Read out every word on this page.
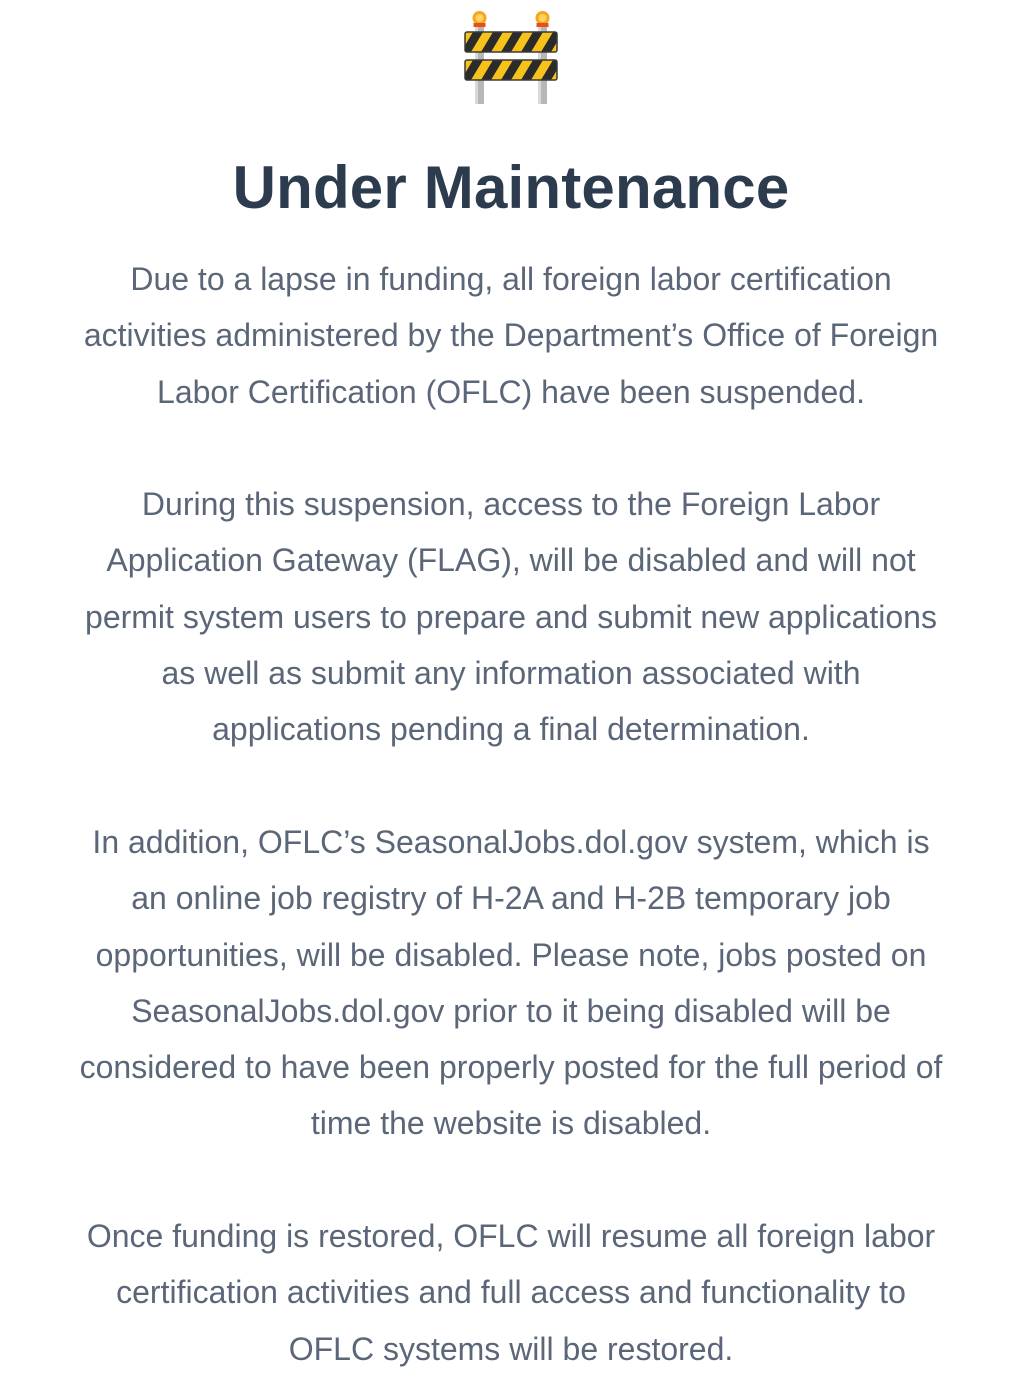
Under Maintenance

Due to a lapse in funding, all foreign labor certification
activities administered by the Department’s Office of Foreign
Labor Certification (OFLC) have been suspended.

During this suspension, access to the Foreign Labor
Application Gateway (FLAG), will be disabled and will not
permit system users to prepare and submit new applications
as well as submit any information associated with
applications pending a final determination.

In addition, OFLC’s SeasonalJobs.dol.gov system, which is
an online job registry of H-2A and H-2B temporary job
opportunities, will be disabled. Please note, jobs posted on
SeasonalJobs.dol.gov prior to it being disabled will be
considered to have been properly posted for the full period of
time the website is disabled.

Once funding is restored, OFLC will resume all foreign labor
certification activities and full access and functionality to
OFLC systems will be restored.
